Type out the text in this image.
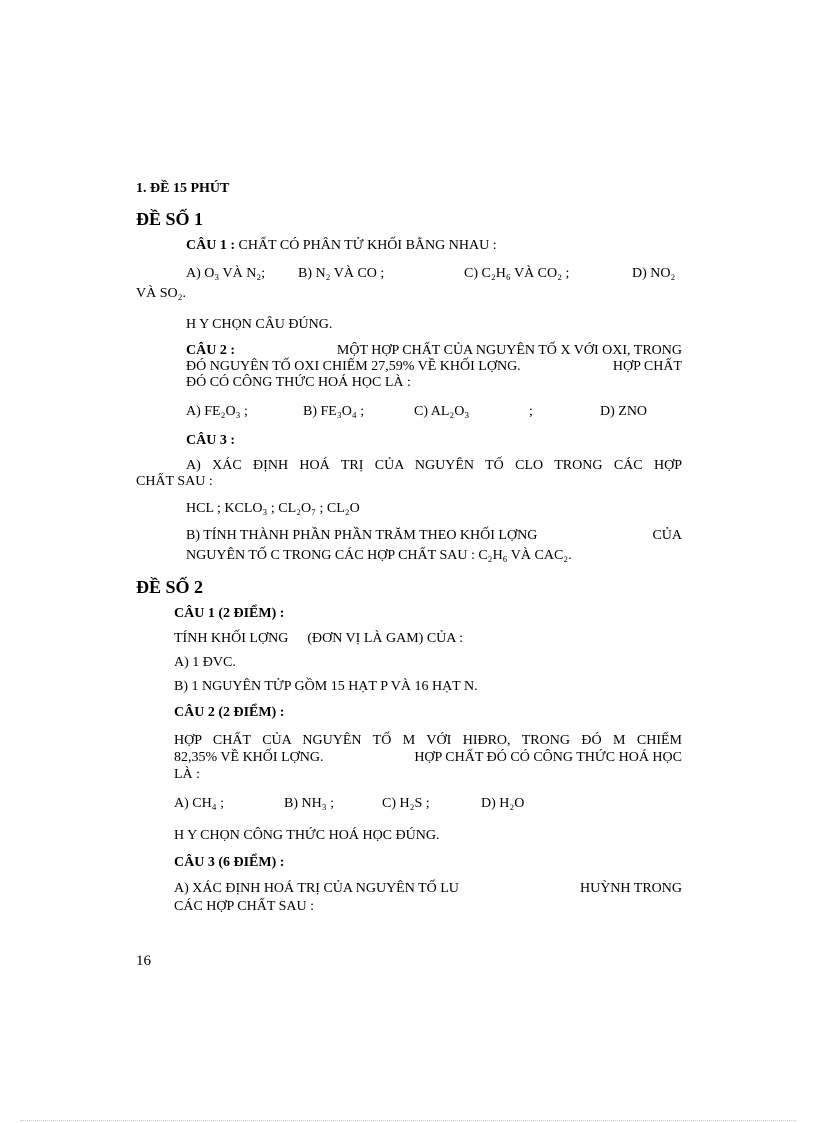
1. ĐỀ 15 PHÚT
ĐỀ SỐ 1
CÂU 1 : CHẤT CÓ PHÂN TỬ KHỐI BẰNG NHAU :
A) O₃ VÀ N₂; B) N₂ VÀ CO ;	C) C₂H₆ VÀ CO₂ ;	D) NO₂
VÀ SO₂.
H Y CHỌN CÂU ĐÚNG.
CÂU 2 :	MỘT HỢP CHẤT CỦA NGUYÊN TỐ X VỚI OXI, TRONG
ĐÓ NGUYÊN TỐ OXI CHIẾM 27,59% VỀ KHỐI LỢNG.	HỢP CHẤT
ĐÓ CÓ CÔNG THỨC HOÁ HỌC LÀ :
A) FE₂O₃ ;	B) FE₃O₄ ;	C) AL₂O₃	;	D) ZNO
CÂU 3 :
A) XÁC ĐỊNH HOÁ TRỊ CỦA NGUYÊN TỐ CLO TRONG CÁC HỢP
CHẤT SAU :
HCL ; KCLO₃ ; CL₂O₇ ; CL₂O
B) TÍNH THÀNH PHẦN PHẦN TRĂM THEO KHỐI LỢNG	CỦA
NGUYÊN TỐ C TRONG CÁC HỢP CHẤT SAU : C₂H₆ VÀ CAC₂.
ĐỀ SỐ 2
CÂU 1 (2 ĐIỂM) :
TÍNH KHỐI LỢNG (ĐƠN VỊ LÀ GAM) CỦA :
A) 1 ĐVC.
B) 1 NGUYÊN TỬP GỒM 15 HẠT P VÀ 16 HẠT N.
CÂU 2 (2 ĐIỂM) :
HỢP CHẤT CỦA NGUYÊN TỐ M VỚI HIĐRO, TRONG ĐÓ M CHIẾM
82,35% VỀ KHỐI LỢNG.	HỢP CHẤT ĐÓ CÓ CÔNG THỨC HOÁ HỌC
LÀ :
A) CH₄ ;	B) NH₃ ;	C) H₂S ;	D) H₂O
H Y CHỌN CÔNG THỨC HOÁ HỌC ĐÚNG.
CÂU 3 (6 ĐIỂM) :
A) XÁC ĐỊNH HOÁ TRỊ CỦA NGUYÊN TỐ LU	HUỲNH TRONG
CÁC HỢP CHẤT SAU :
16
